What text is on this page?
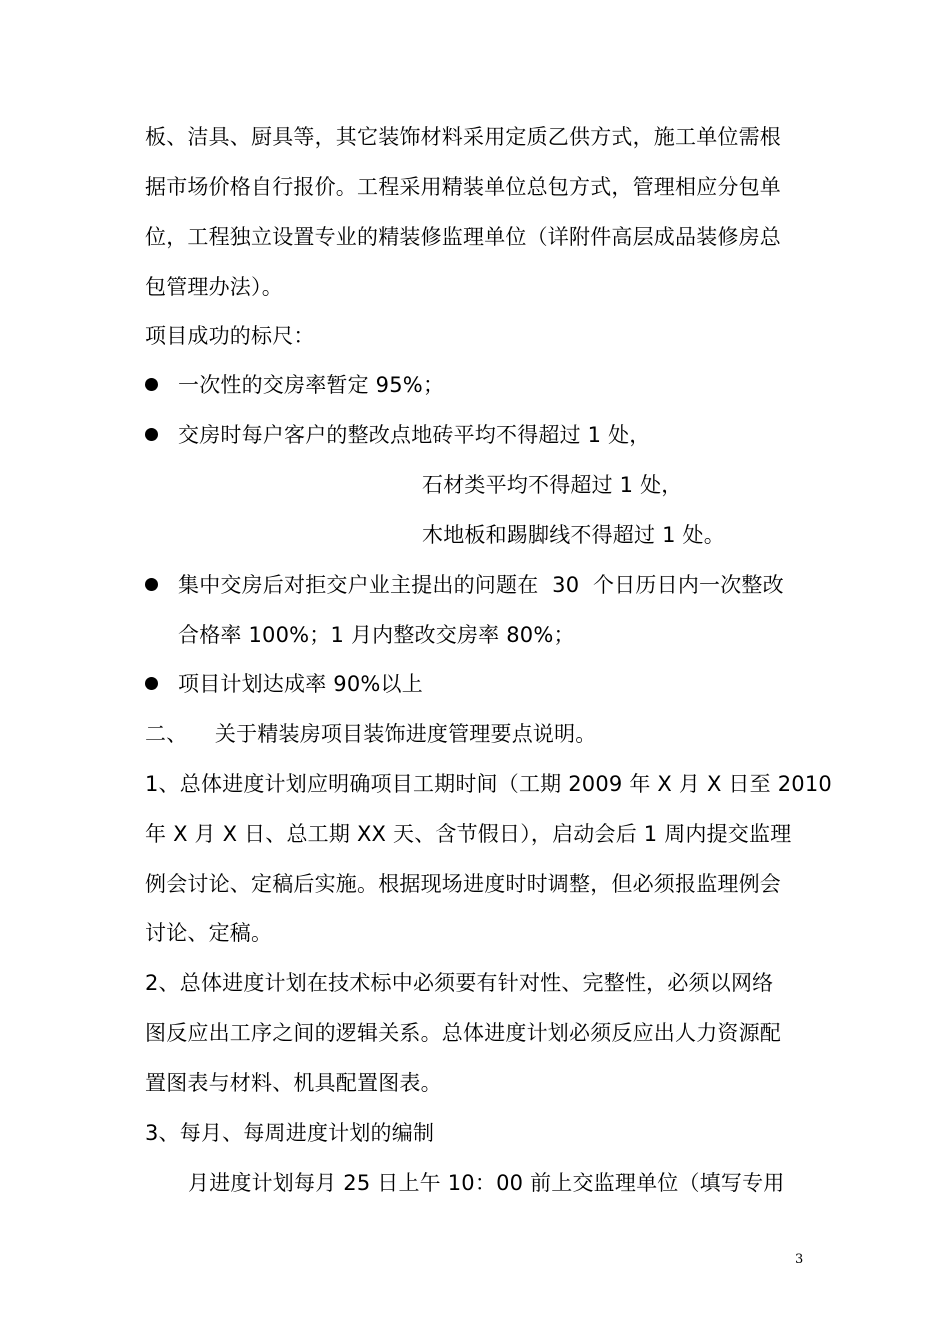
板、洁具、厨具等，其它装饰材料采用定质乙供方式，施工单位需根
据市场价格自行报价。工程采用精装单位总包方式，管理相应分包单
位，工程独立设置专业的精装修监理单位（详附件高层成品装修房总
包管理办法）。
项目成功的标尺：
一次性的交房率暂定 95%；
交房时每户客户的整改点地砖平均不得超过 1 处，
石材类平均不得超过 1 处，
木地板和踢脚线不得超过 1 处。
集中交房后对拒交户业主提出的问题在  30  个日历日内一次整改
合格率 100%；1 月内整改交房率 80%；
项目计划达成率 90%以上
二、    关于精装房项目装饰进度管理要点说明。
1、总体进度计划应明确项目工期时间（工期 2009 年 X 月 X 日至 2010
年 X 月 X 日、总工期 XX 天、含节假日），启动会后 1 周内提交监理
例会讨论、定稿后实施。根据现场进度时时调整，但必须报监理例会
讨论、定稿。
2、总体进度计划在技术标中必须要有针对性、完整性，必须以网络
图反应出工序之间的逻辑关系。总体进度计划必须反应出人力资源配
置图表与材料、机具配置图表。
3、每月、每周进度计划的编制
月进度计划每月 25 日上午 10：00 前上交监理单位（填写专用
3
